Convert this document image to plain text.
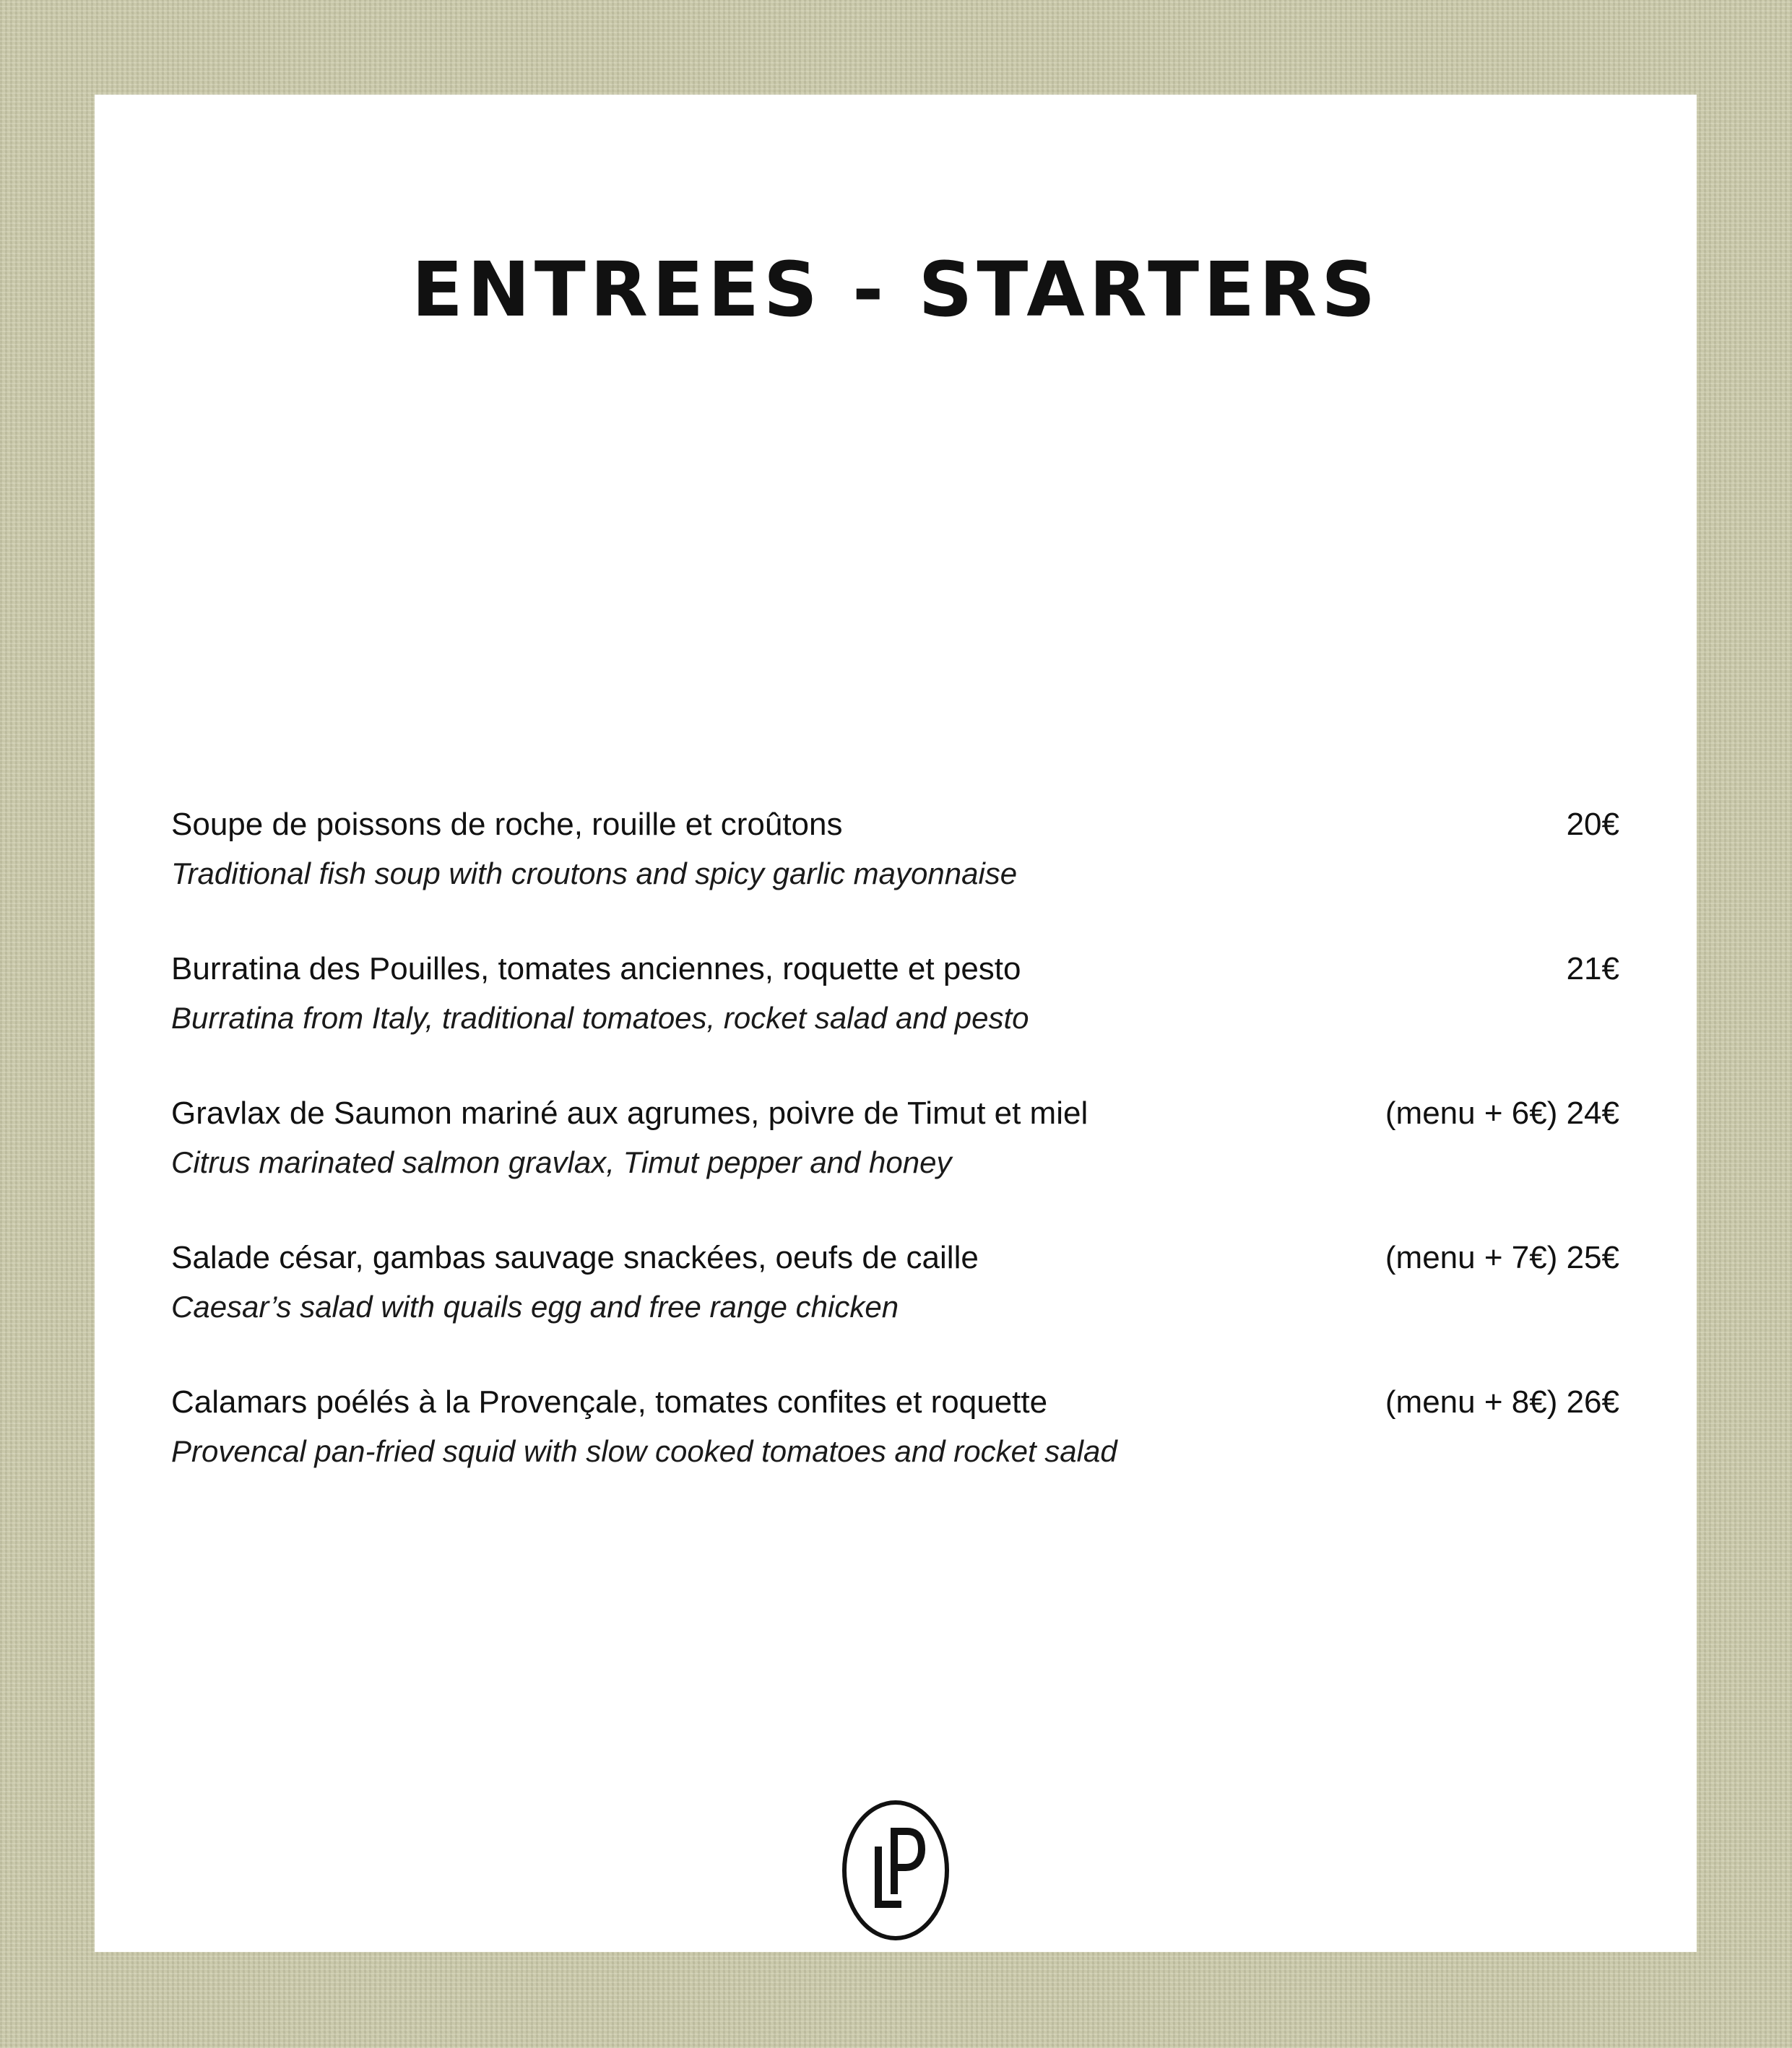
ENTREES - STARTERS
Soupe de poissons de roche, rouille et croûtons	20€
Traditional fish soup with croutons and spicy garlic mayonnaise
Burratina des Pouilles, tomates anciennes, roquette et pesto	21€
Burratina from Italy, traditional tomatoes, rocket salad and pesto
Gravlax de Saumon mariné aux agrumes, poivre de Timut et miel	(menu + 6€) 24€
Citrus marinated salmon gravlax, Timut pepper and honey
Salade césar, gambas sauvage snackées, oeufs de caille	(menu + 7€) 25€
Caesar’s salad with quails egg and free range chicken
Calamars poélés à la Provençale, tomates confites et roquette	(menu + 8€) 26€
Provencal pan-fried squid with slow cooked tomatoes and rocket salad
